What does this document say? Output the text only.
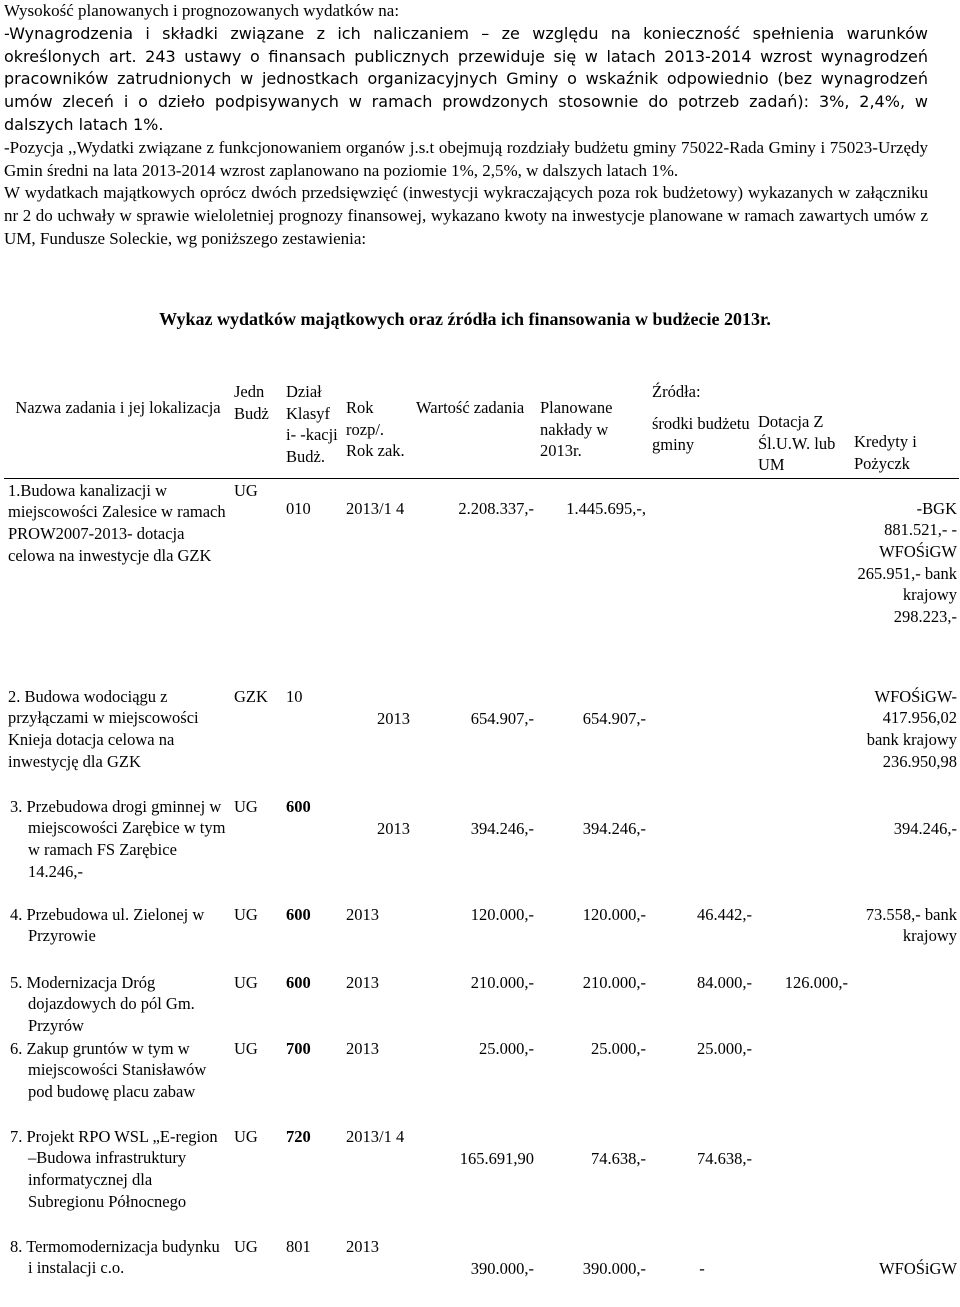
Wysokość planowanych i prognozowanych wydatków na:

-Wynagrodzenia i składki związane z ich naliczaniem – ze względu na konieczność spełnienia warunków określonych art. 243 ustawy o finansach publicznych przewiduje się w latach 2013-2014 wzrost wynagrodzeń pracowników zatrudnionych w jednostkach organizacyjnych Gminy o wskaźnik odpowiednio (bez wynagrodzeń umów zleceń i o dzieło podpisywanych w ramach prowdzonych stosownie do potrzeb zadań): 3%, 2,4%, w dalszych latach 1%.

-Pozycja ,,Wydatki związane z funkcjonowaniem organów j.s.t obejmują rozdziały budżetu gminy 75022-Rada Gminy i 75023-Urzędy Gmin średni na lata 2013-2014 wzrost zaplanowano na poziomie 1%, 2,5%, w dalszych latach 1%.

W wydatkach majątkowych oprócz dwóch przedsięwzięć (inwestycji wykraczających poza rok budżetowy) wykazanych w załączniku nr 2 do uchwały w sprawie wieloletniej prognozy finansowej, wykazano kwoty na inwestycje planowane w ramach zawartych umów z UM, Fundusze Soleckie, wg poniższego zestawienia:

Wykaz wydatków majątkowych oraz źródła ich finansowania w budżecie 2013r.
Nazwa zadania i jej lokalizacja	Jedn Budż	Dział Klasyf i- -kacji Budż.	Rok rozp/. Rok zak.	Wartość zadania	Planowane nakłady w 2013r.	Źródła:
środki budżetu gminy	Dotacja Z Śl.U.W. lub UM	Kredyty i Pożyczk

1.Budowa kanalizacji w miejscowości Zalesice w ramach PROW2007-2013- dotacja celowa na inwestycje dla GZK	UG	010	2013/1 4	2.208.337,-	1.445.695,-,			-BGK 881.521,- - WFOŚiGW 265.951,- bank krajowy 298.223,-
2. Budowa wodociągu z przyłączami w miejscowości Knieja dotacja celowa na inwestycję dla GZK	GZK	10	2013	654.907,-	654.907,-			WFOŚiGW- 417.956,02 bank krajowy 236.950,98
3. Przebudowa drogi gminnej w miejscowości Zarębice w tym w ramach FS Zarębice 14.246,-	UG	600	2013	394.246,-	394.246,-			394.246,-
4. Przebudowa ul. Zielonej w Przyrowie	UG	600	2013	120.000,-	120.000,-	46.442,-		73.558,- bank krajowy
5. Modernizacja Dróg dojazdowych do pól Gm. Przyrów	UG	600	2013	210.000,-	210.000,-	84.000,-	126.000,-	
6. Zakup gruntów w tym w miejscowości Stanisławów pod budowę placu zabaw	UG	700	2013	25.000,-	25.000,-	25.000,-		
7. Projekt RPO WSL „E-region –Budowa infrastruktury informatycznej dla Subregionu Północnego	UG	720	2013/1 4	165.691,90	74.638,-	74.638,-		
8. Termomodernizacja budynku i instalacji c.o.	UG	801	2013	390.000,-	390.000,-	-		WFOŚiGW
